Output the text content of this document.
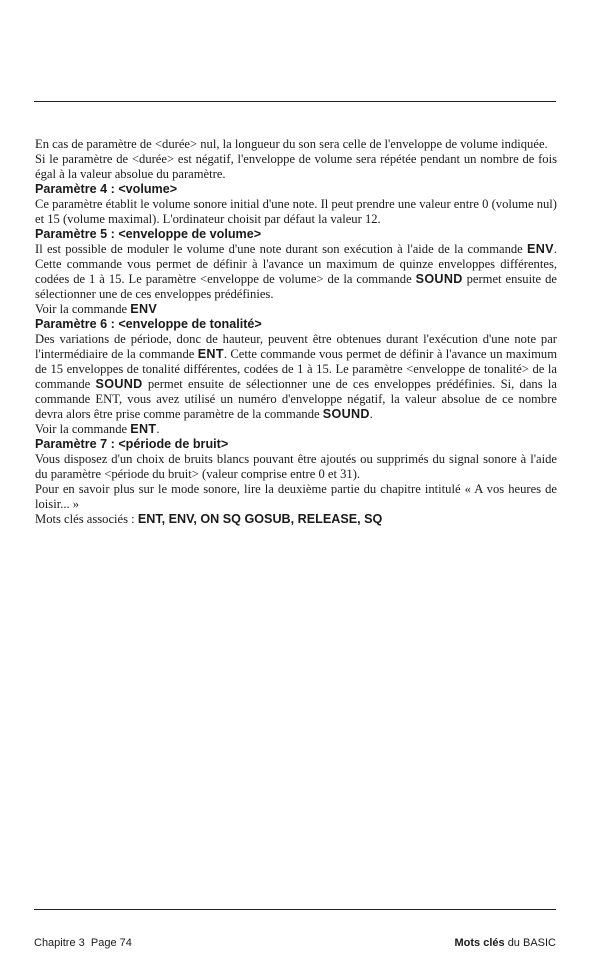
En cas de paramètre de <durée> nul, la longueur du son sera celle de l'enveloppe de volume indiquée.

Si le paramètre de <durée> est négatif, l'enveloppe de volume sera répétée pendant un nombre de fois égal à la valeur absolue du paramètre.

Paramètre 4 : <volume>

Ce paramètre établit le volume sonore initial d'une note. Il peut prendre une valeur entre 0 (volume nul) et 15 (volume maximal). L'ordinateur choisit par défaut la valeur 12.

Paramètre 5 : <enveloppe de volume>

Il est possible de moduler le volume d'une note durant son exécution à l'aide de la commande ENV. Cette commande vous permet de définir à l'avance un maximum de quinze enveloppes différentes, codées de 1 à 15. Le paramètre <enveloppe de volume> de la commande SOUND permet ensuite de sélectionner une de ces enveloppes prédéfinies.

Voir la commande ENV

Paramètre 6 : <enveloppe de tonalité>

Des variations de période, donc de hauteur, peuvent être obtenues durant l'exécution d'une note par l'intermédiaire de la commande ENT. Cette commande vous permet de définir à l'avance un maximum de 15 enveloppes de tonalité différentes, codées de 1 à 15. Le paramètre <enveloppe de tonalité> de la commande SOUND permet ensuite de sélectionner une de ces enveloppes prédéfinies. Si, dans la commande ENT, vous avez utilisé un numéro d'enveloppe négatif, la valeur absolue de ce nombre devra alors être prise comme paramètre de la commande SOUND.

Voir la commande ENT.

Paramètre 7 : <période de bruit>

Vous disposez d'un choix de bruits blancs pouvant être ajoutés ou supprimés du signal sonore à l'aide du paramètre <période du bruit> (valeur comprise entre 0 et 31).

Pour en savoir plus sur le mode sonore, lire la deuxième partie du chapitre intitulé « A vos heures de loisir... »

Mots clés associés : ENT, ENV, ON SQ GOSUB, RELEASE, SQ

Chapitre 3 Page 74	Mots clés du BASIC
